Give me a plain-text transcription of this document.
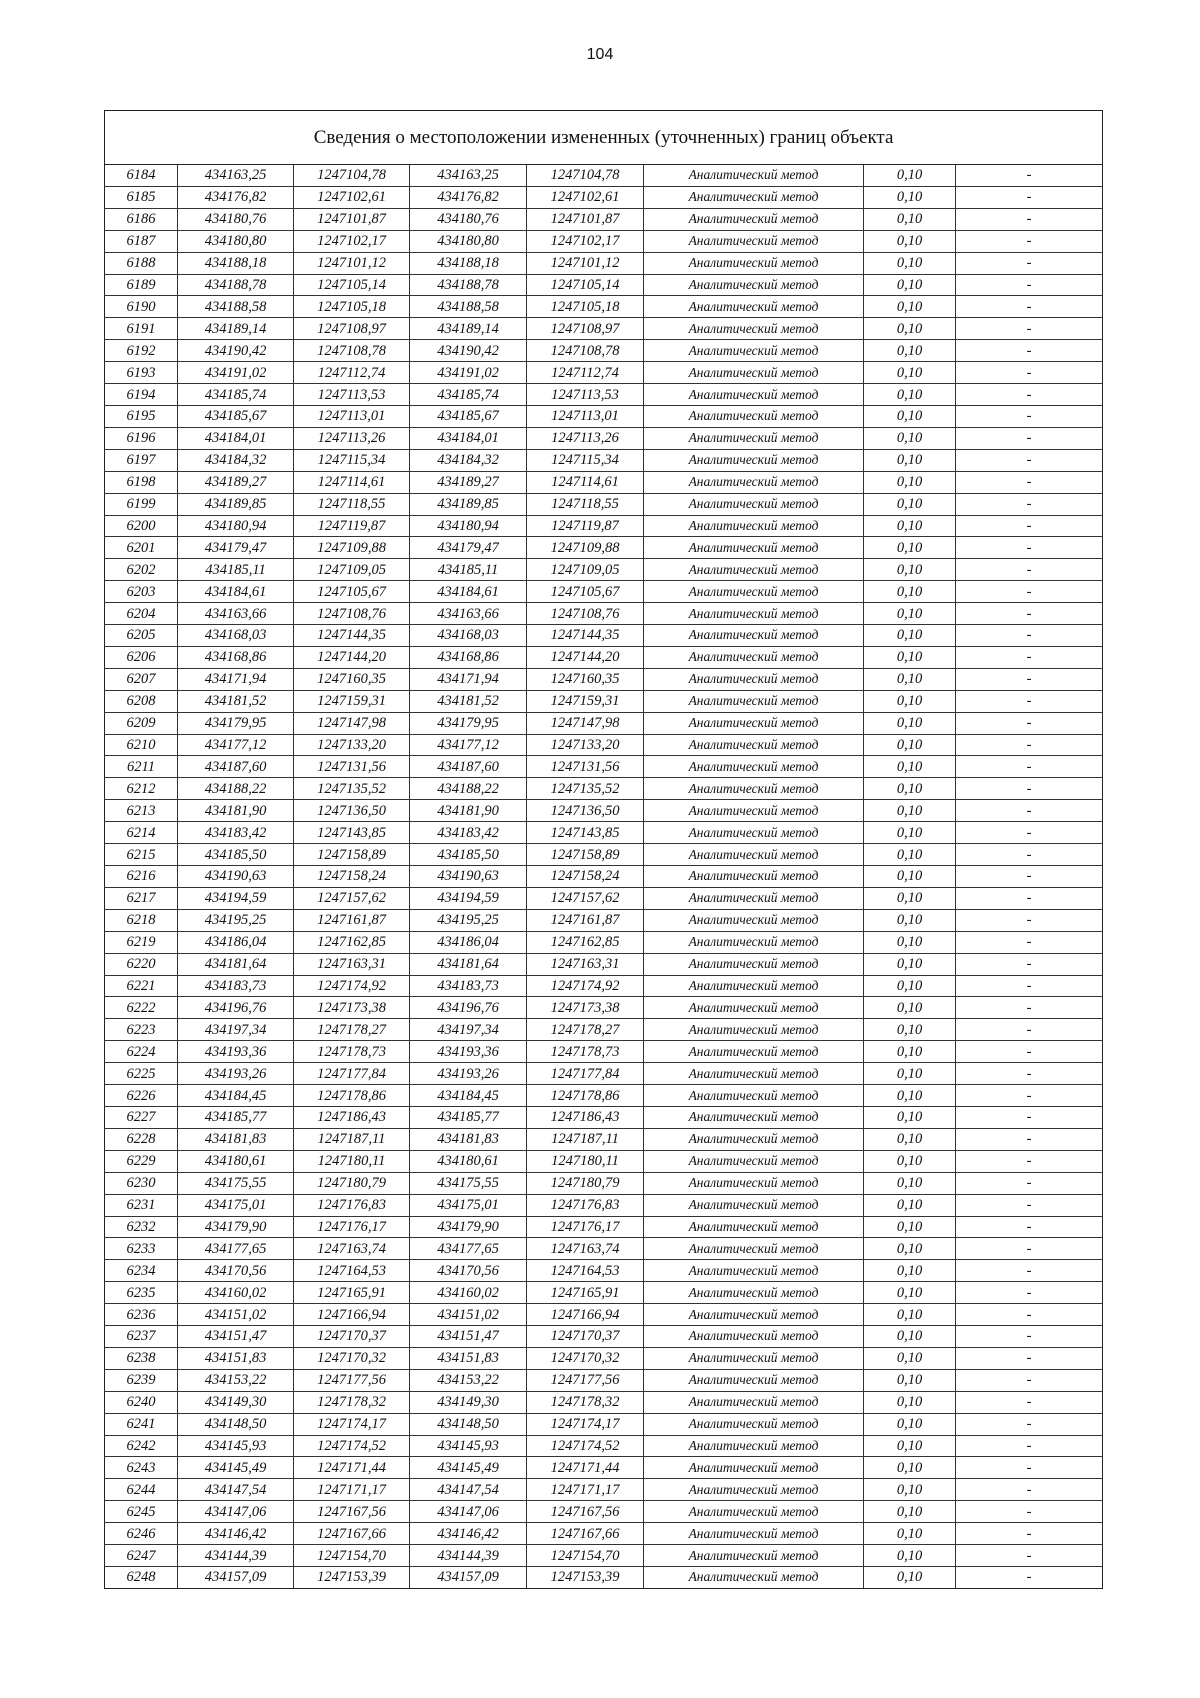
104
Сведения о местоположении измененных (уточненных) границ объекта							
6184	434163,25	1247104,78	434163,25	1247104,78	Аналитический метод	0,10	-
6185	434176,82	1247102,61	434176,82	1247102,61	Аналитический метод	0,10	-
6186	434180,76	1247101,87	434180,76	1247101,87	Аналитический метод	0,10	-
6187	434180,80	1247102,17	434180,80	1247102,17	Аналитический метод	0,10	-
6188	434188,18	1247101,12	434188,18	1247101,12	Аналитический метод	0,10	-
6189	434188,78	1247105,14	434188,78	1247105,14	Аналитический метод	0,10	-
6190	434188,58	1247105,18	434188,58	1247105,18	Аналитический метод	0,10	-
6191	434189,14	1247108,97	434189,14	1247108,97	Аналитический метод	0,10	-
6192	434190,42	1247108,78	434190,42	1247108,78	Аналитический метод	0,10	-
6193	434191,02	1247112,74	434191,02	1247112,74	Аналитический метод	0,10	-
6194	434185,74	1247113,53	434185,74	1247113,53	Аналитический метод	0,10	-
6195	434185,67	1247113,01	434185,67	1247113,01	Аналитический метод	0,10	-
6196	434184,01	1247113,26	434184,01	1247113,26	Аналитический метод	0,10	-
6197	434184,32	1247115,34	434184,32	1247115,34	Аналитический метод	0,10	-
6198	434189,27	1247114,61	434189,27	1247114,61	Аналитический метод	0,10	-
6199	434189,85	1247118,55	434189,85	1247118,55	Аналитический метод	0,10	-
6200	434180,94	1247119,87	434180,94	1247119,87	Аналитический метод	0,10	-
6201	434179,47	1247109,88	434179,47	1247109,88	Аналитический метод	0,10	-
6202	434185,11	1247109,05	434185,11	1247109,05	Аналитический метод	0,10	-
6203	434184,61	1247105,67	434184,61	1247105,67	Аналитический метод	0,10	-
6204	434163,66	1247108,76	434163,66	1247108,76	Аналитический метод	0,10	-
6205	434168,03	1247144,35	434168,03	1247144,35	Аналитический метод	0,10	-
6206	434168,86	1247144,20	434168,86	1247144,20	Аналитический метод	0,10	-
6207	434171,94	1247160,35	434171,94	1247160,35	Аналитический метод	0,10	-
6208	434181,52	1247159,31	434181,52	1247159,31	Аналитический метод	0,10	-
6209	434179,95	1247147,98	434179,95	1247147,98	Аналитический метод	0,10	-
6210	434177,12	1247133,20	434177,12	1247133,20	Аналитический метод	0,10	-
6211	434187,60	1247131,56	434187,60	1247131,56	Аналитический метод	0,10	-
6212	434188,22	1247135,52	434188,22	1247135,52	Аналитический метод	0,10	-
6213	434181,90	1247136,50	434181,90	1247136,50	Аналитический метод	0,10	-
6214	434183,42	1247143,85	434183,42	1247143,85	Аналитический метод	0,10	-
6215	434185,50	1247158,89	434185,50	1247158,89	Аналитический метод	0,10	-
6216	434190,63	1247158,24	434190,63	1247158,24	Аналитический метод	0,10	-
6217	434194,59	1247157,62	434194,59	1247157,62	Аналитический метод	0,10	-
6218	434195,25	1247161,87	434195,25	1247161,87	Аналитический метод	0,10	-
6219	434186,04	1247162,85	434186,04	1247162,85	Аналитический метод	0,10	-
6220	434181,64	1247163,31	434181,64	1247163,31	Аналитический метод	0,10	-
6221	434183,73	1247174,92	434183,73	1247174,92	Аналитический метод	0,10	-
6222	434196,76	1247173,38	434196,76	1247173,38	Аналитический метод	0,10	-
6223	434197,34	1247178,27	434197,34	1247178,27	Аналитический метод	0,10	-
6224	434193,36	1247178,73	434193,36	1247178,73	Аналитический метод	0,10	-
6225	434193,26	1247177,84	434193,26	1247177,84	Аналитический метод	0,10	-
6226	434184,45	1247178,86	434184,45	1247178,86	Аналитический метод	0,10	-
6227	434185,77	1247186,43	434185,77	1247186,43	Аналитический метод	0,10	-
6228	434181,83	1247187,11	434181,83	1247187,11	Аналитический метод	0,10	-
6229	434180,61	1247180,11	434180,61	1247180,11	Аналитический метод	0,10	-
6230	434175,55	1247180,79	434175,55	1247180,79	Аналитический метод	0,10	-
6231	434175,01	1247176,83	434175,01	1247176,83	Аналитический метод	0,10	-
6232	434179,90	1247176,17	434179,90	1247176,17	Аналитический метод	0,10	-
6233	434177,65	1247163,74	434177,65	1247163,74	Аналитический метод	0,10	-
6234	434170,56	1247164,53	434170,56	1247164,53	Аналитический метод	0,10	-
6235	434160,02	1247165,91	434160,02	1247165,91	Аналитический метод	0,10	-
6236	434151,02	1247166,94	434151,02	1247166,94	Аналитический метод	0,10	-
6237	434151,47	1247170,37	434151,47	1247170,37	Аналитический метод	0,10	-
6238	434151,83	1247170,32	434151,83	1247170,32	Аналитический метод	0,10	-
6239	434153,22	1247177,56	434153,22	1247177,56	Аналитический метод	0,10	-
6240	434149,30	1247178,32	434149,30	1247178,32	Аналитический метод	0,10	-
6241	434148,50	1247174,17	434148,50	1247174,17	Аналитический метод	0,10	-
6242	434145,93	1247174,52	434145,93	1247174,52	Аналитический метод	0,10	-
6243	434145,49	1247171,44	434145,49	1247171,44	Аналитический метод	0,10	-
6244	434147,54	1247171,17	434147,54	1247171,17	Аналитический метод	0,10	-
6245	434147,06	1247167,56	434147,06	1247167,56	Аналитический метод	0,10	-
6246	434146,42	1247167,66	434146,42	1247167,66	Аналитический метод	0,10	-
6247	434144,39	1247154,70	434144,39	1247154,70	Аналитический метод	0,10	-
6248	434157,09	1247153,39	434157,09	1247153,39	Аналитический метод	0,10	-
